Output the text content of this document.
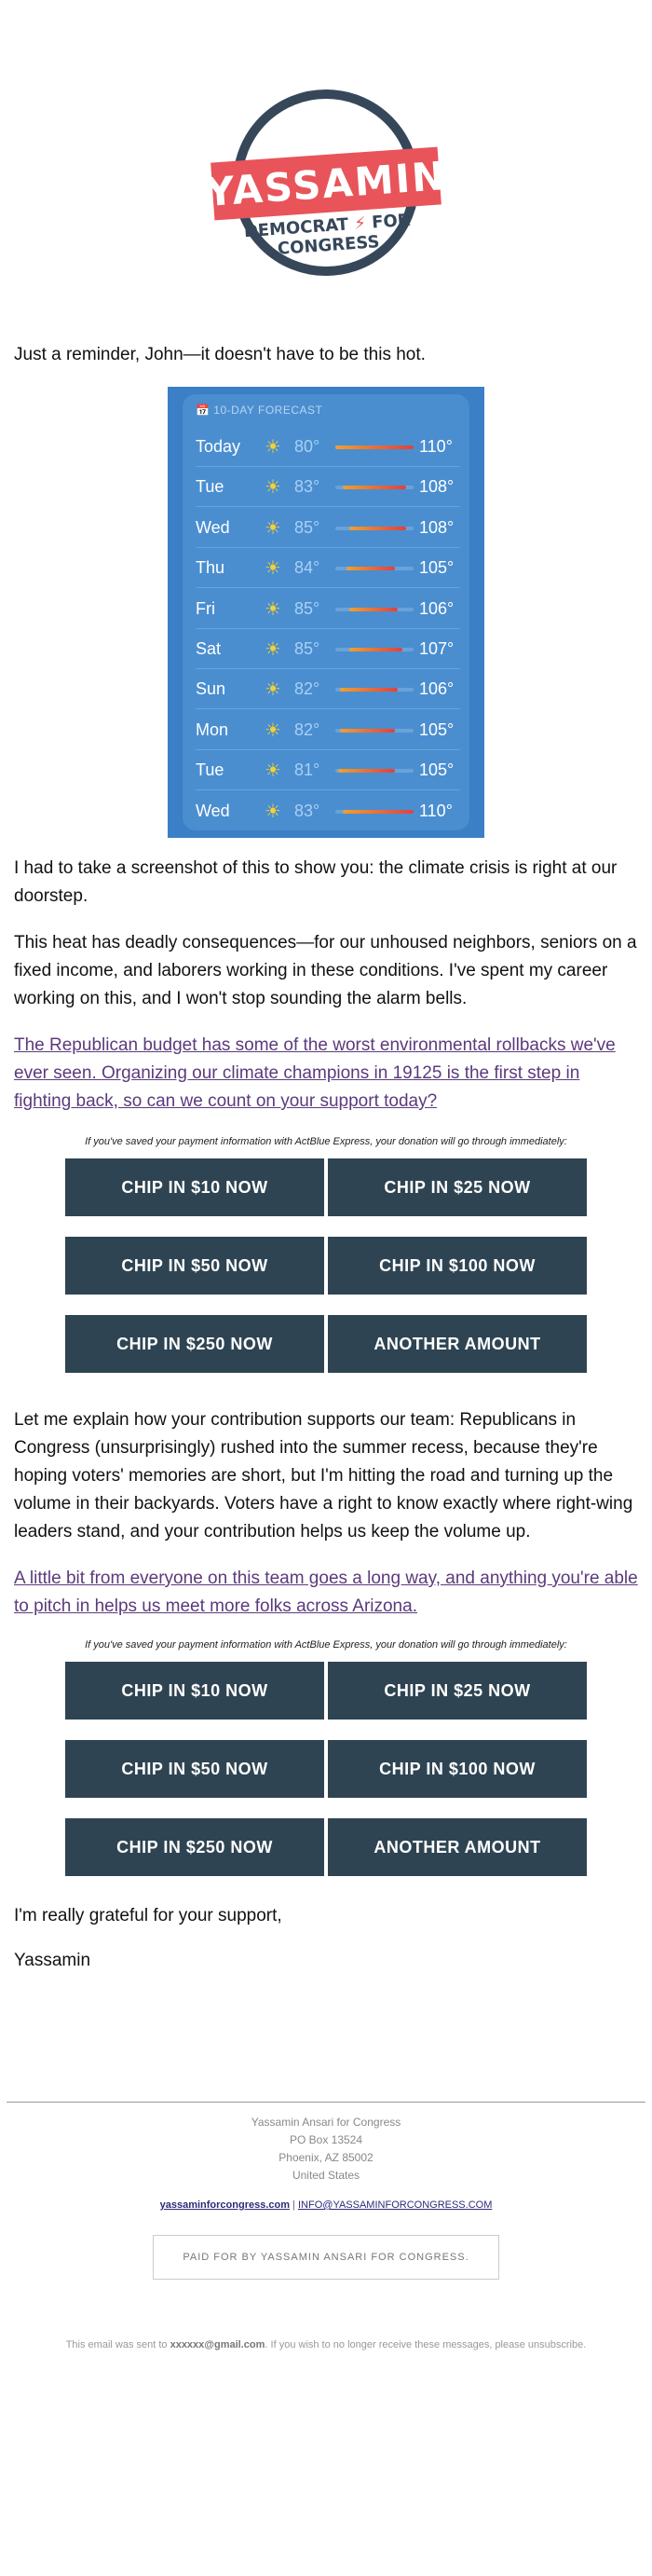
YASSAMIN
DEMOCRAT ⚡ FOR CONGRESS

Just a reminder, John—it doesn't have to be this hot.

📅 10-DAY FORECAST
Today ☀ 80°	110°
Tue ☀ 83°	108°
Wed ☀ 85°	108°
Thu ☀ 84°	105°
Fri	☀ 85°	106°
Sat ☀ 85°	107°
Sun ☀ 82°	106°
Mon ☀ 82°	105°
Tue ☀ 81°	105°
Wed ☀ 83°	110°

I had to take a screenshot of this to show you: the climate crisis is right at our doorstep.

This heat has deadly consequences—for our unhoused neighbors, seniors on a fixed income, and laborers working in these conditions. I've spent my career working on this, and I won't stop sounding the alarm bells.

The Republican budget has some of the worst environmental rollbacks we've ever seen. Organizing our climate champions in 19125 is the first step in fighting back, so can we count on your support today?

If you've saved your payment information with ActBlue Express, your donation will go through immediately:

CHIP IN $10 NOW	CHIP IN $25 NOW
CHIP IN $50 NOW	CHIP IN $100 NOW
CHIP IN $250 NOW	ANOTHER AMOUNT

Let me explain how your contribution supports our team: Republicans in Congress (unsurprisingly) rushed into the summer recess, because they're hoping voters' memories are short, but I'm hitting the road and turning up the volume in their backyards. Voters have a right to know exactly where right-wing leaders stand, and your contribution helps us keep the volume up.

A little bit from everyone on this team goes a long way, and anything you're able to pitch in helps us meet more folks across Arizona.

If you've saved your payment information with ActBlue Express, your donation will go through immediately:

CHIP IN $10 NOW	CHIP IN $25 NOW
CHIP IN $50 NOW	CHIP IN $100 NOW
CHIP IN $250 NOW	ANOTHER AMOUNT

I'm really grateful for your support,

Yassamin

Yassamin Ansari for Congress
PO Box 13524
Phoenix, AZ 85002
United States
yassaminforcongress.com | INFO@YASSAMINFORCONGRESS.COM
PAID FOR BY YASSAMIN ANSARI FOR CONGRESS.
This email was sent to xxxxxx@gmail.com. If you wish to no longer receive these messages, please unsubscribe.
